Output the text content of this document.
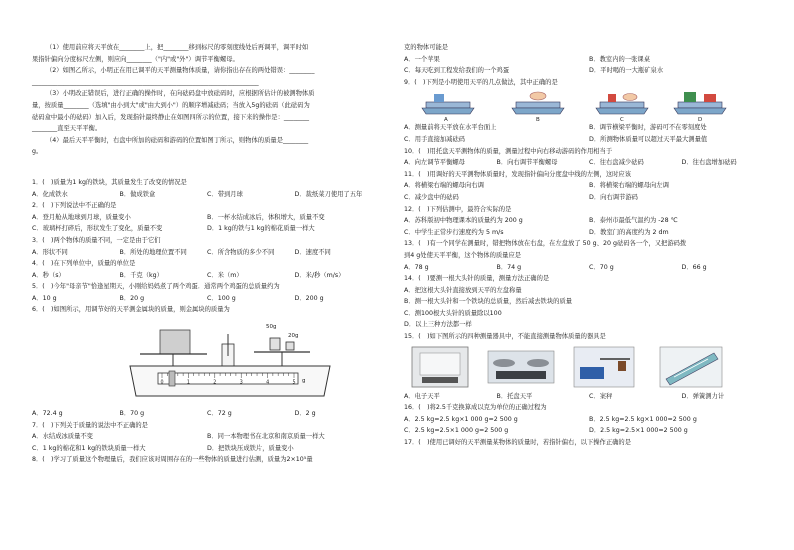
（1）使用前应将天平放在________上，把________移到标尺的零刻度线处后再调平，调平时如
果指针偏向分度标尺左侧，则应向________（"内"或"外"）调节平衡螺母。
（2）如图乙所示，小明正在用已调平的天平测量物体质量，请你指出存在的两处错误：________
________________________________________________________________________
（3）小明改正错误后，进行正确的操作时，在向砝码盘中放砝码时，应根据所估计的被测物体质
量，按质量________（选填"由小到大"或"由大到小"）的顺序增减砝码；当放入5g的砝码（此砝码为
砝码盒中最小的砝码）加入后，发现指针最终静止在如图四所示的位置，接下来的操作是：________
________直至天平平衡。
（4）最后天平平衡时，右盘中所加的砝码和游码的位置如图丁所示，则物体的质量是________
g。
1．(　)质量为1 kg的铁块，其质量发生了改变的情况是
A．化成铁水	B．做成铁盒	C．带到月球	D．裁纸菜刀使用了五年
2．(　)下列说法中不正确的是
A．登月舱从地球到月球，质量变小	B．一杯水结成冰后，体积增大，质量不变
C．玻璃杯打碎后，形状发生了变化，质量不变	D．1 kg的铁与1 kg的棉花质量一样大
3．(　)两个物体的质量不同，一定是由于它们
A．形状不同	B．所处的地理位置不同	C．所含物质的多少不同	D．速度不同
4．(　)在下列单位中，质量的单位是
A．秒（s）	B．千克（kg）	C．米（m）	D．米/秒（m/s）
5．(　)今年"母亲节"恰逢星期天，小刚给妈妈煮了两个鸡蛋．通常两个鸡蛋的总质量约为
A．10 g	B．20 g	C．100 g	D．200 g
6．(　)如图所示，用调节好的天平测金属块的质量，则金属块的质量为
50g
20g
0	1	2	3	4	5 g
A．72.4 g	B．70 g	C．72 g	D．2 g
7．(　)下列关于质量的说法中不正确的是
A．水结成冰质量不变	B．同一本物理书在北京和南京质量一样大
C．1 kg的棉花和1 kg的铁块质量一样大	D．把铁块压成铁片，质量变小
8．(　)学习了质量这个物理量后，我们应该对周围存在的一些物体的质量进行估测，质量为2×10⁵量
克的物体可能是
A．一个苹果	B．教室内的一张课桌
C．每天吃到工程发给我们的一个鸡蛋	D．平时喝的一大瓶矿泉水
9．(　)下列是小明使用天平的几点做法，其中正确的是
A	B	C	D
A．测量前将天平放在水平台面上	B．调节横梁平衡时，游码可不在零刻度处
C．用手直接加减砝码	D．所测物体质量可以超过天平最大测量值
10．(　)用托盘天平测物体的质量，测量过程中向右移动游码的作用相当于
A．向左调节平衡螺母	B．向右调节平衡螺母	C．往右盘减少砝码	D．往右盘增加砝码
11．(　)用调好的天平测物体质量时，发现指针偏向分度盘中线的左侧，这时应该
A．将横梁右端的螺母向右调	B．将横梁右端的螺母向左调
C．减少盘中的砝码	D．向右调节游码
12．(　)下列估测中，最符合实际的是
A．苏科版初中物理课本的质量约为 200 g	B．泰州市最低气温约为 -28 ℃
C．中学生正常步行速度约为 5 m/s	D．教室门的高度约为 2 dm
13．(　)有一个同学在测量时，错把物体放在右盘，在左盘放了 50 g、20 g砝码各一个，又把游码拨
到4 g处使天平平衡，这个物体的质量应是
A．78 g	B．74 g	C．70 g	D．66 g
14．(　)要测一根大头针的质量，测量方法正确的是
A．把这根大头针直接放到天平的左盘称量
B．测一根大头针和一个铁块的总质量，然后减去铁块的质量
C．测100根大头针的质量除以100
D．以上三种方法都一样
15．(　)如下图所示的四种测量器具中，不能直接测量物体质量的器具是
A．电子天平	B．托盘天平	C．案秤	D．弹簧测力计
16．(　)将2.5千克换算成以克为单位的正确过程为
A．2.5 kg=2.5 kg×1 000 g=2 500 g	B．2.5 kg=2.5 kg×1 000=2 500 g
C．2.5 kg=2.5×1 000 g=2 500 g	D．2.5 kg=2.5×1 000=2 500 g
17．(　)使用已调好的天平测量某物体的质量时，若指针偏右，以下操作正确的是
